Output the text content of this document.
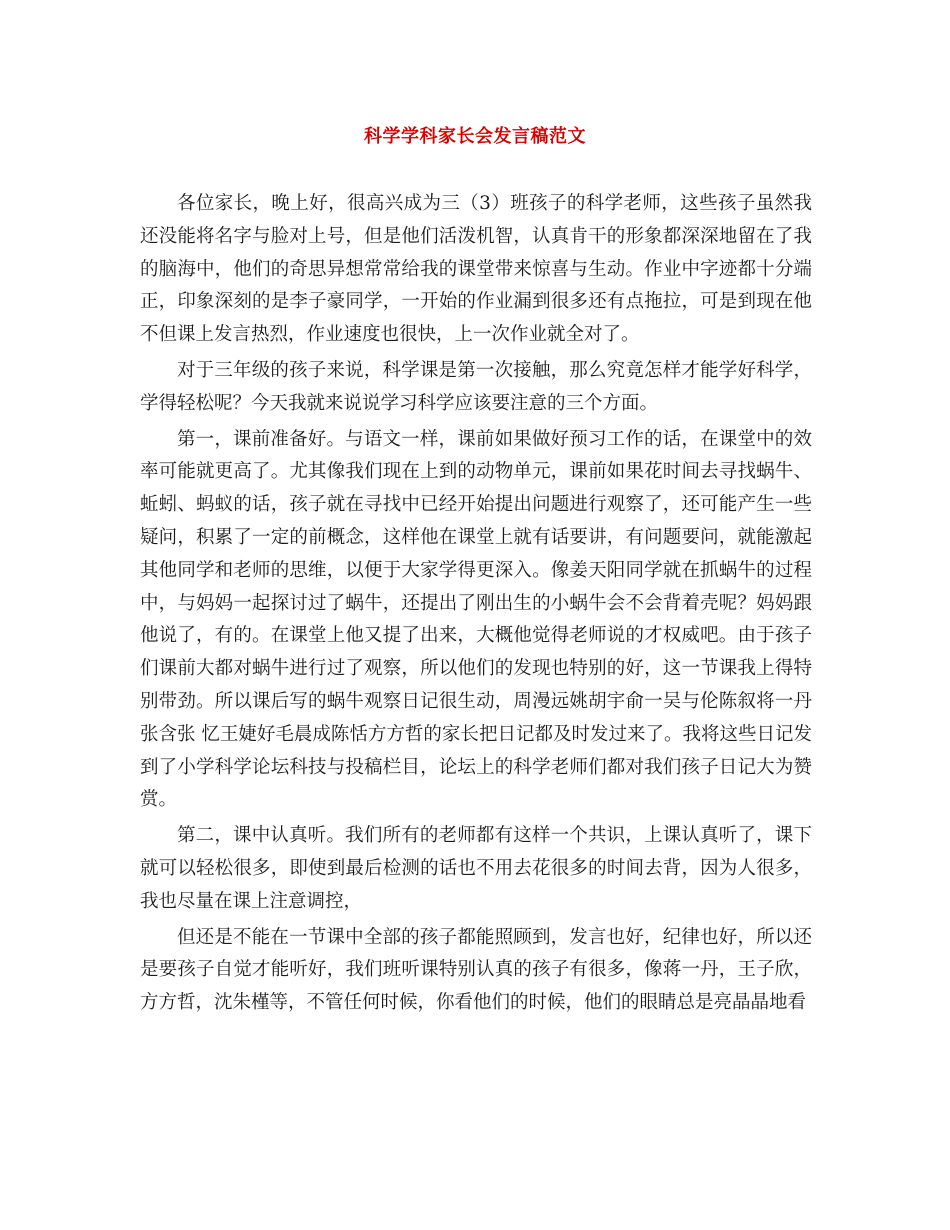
科学学科家长会发言稿范文

各位家长，晚上好，很高兴成为三（3）班孩子的科学老师，这些孩子虽然我还没能将名字与脸对上号，但是他们活泼机智，认真肯干的形象都深深地留在了我的脑海中，他们的奇思异想常常给我的课堂带来惊喜与生动。作业中字迹都十分端正，印象深刻的是李子豪同学，一开始的作业漏到很多还有点拖拉，可是到现在他不但课上发言热烈，作业速度也很快，上一次作业就全对了。

对于三年级的孩子来说，科学课是第一次接触，那么究竟怎样才能学好科学，学得轻松呢？今天我就来说说学习科学应该要注意的三个方面。

第一，课前准备好。与语文一样，课前如果做好预习工作的话，在课堂中的效率可能就更高了。尤其像我们现在上到的动物单元，课前如果花时间去寻找蜗牛、蚯蚓、蚂蚁的话，孩子就在寻找中已经开始提出问题进行观察了，还可能产生一些疑问，积累了一定的前概念，这样他在课堂上就有话要讲，有问题要问，就能激起其他同学和老师的思维，以便于大家学得更深入。像姜天阳同学就在抓蜗牛的过程中，与妈妈一起探讨过了蜗牛，还提出了刚出生的小蜗牛会不会背着壳呢？妈妈跟他说了，有的。在课堂上他又提了出来，大概他觉得老师说的才权威吧。由于孩子们课前大都对蜗牛进行过了观察，所以他们的发现也特别的好，这一节课我上得特别带劲。所以课后写的蜗牛观察日记很生动，周漫远姚胡宇俞一吴与伦陈叙将一丹张含张 忆王婕好毛晨成陈恬方方哲的家长把日记都及时发过来了。我将这些日记发到了小学科学论坛科技与投稿栏目，论坛上的科学老师们都对我们孩子日记大为赞赏。

第二，课中认真听。我们所有的老师都有这样一个共识，上课认真听了，课下就可以轻松很多，即使到最后检测的话也不用去花很多的时间去背，因为人很多，我也尽量在课上注意调控，

但还是不能在一节课中全部的孩子都能照顾到，发言也好，纪律也好，所以还是要孩子自觉才能听好，我们班听课特别认真的孩子有很多，像蒋一丹，王子欣，方方哲，沈朱槿等，不管任何时候，你看他们的时候，他们的眼睛总是亮晶晶地看
